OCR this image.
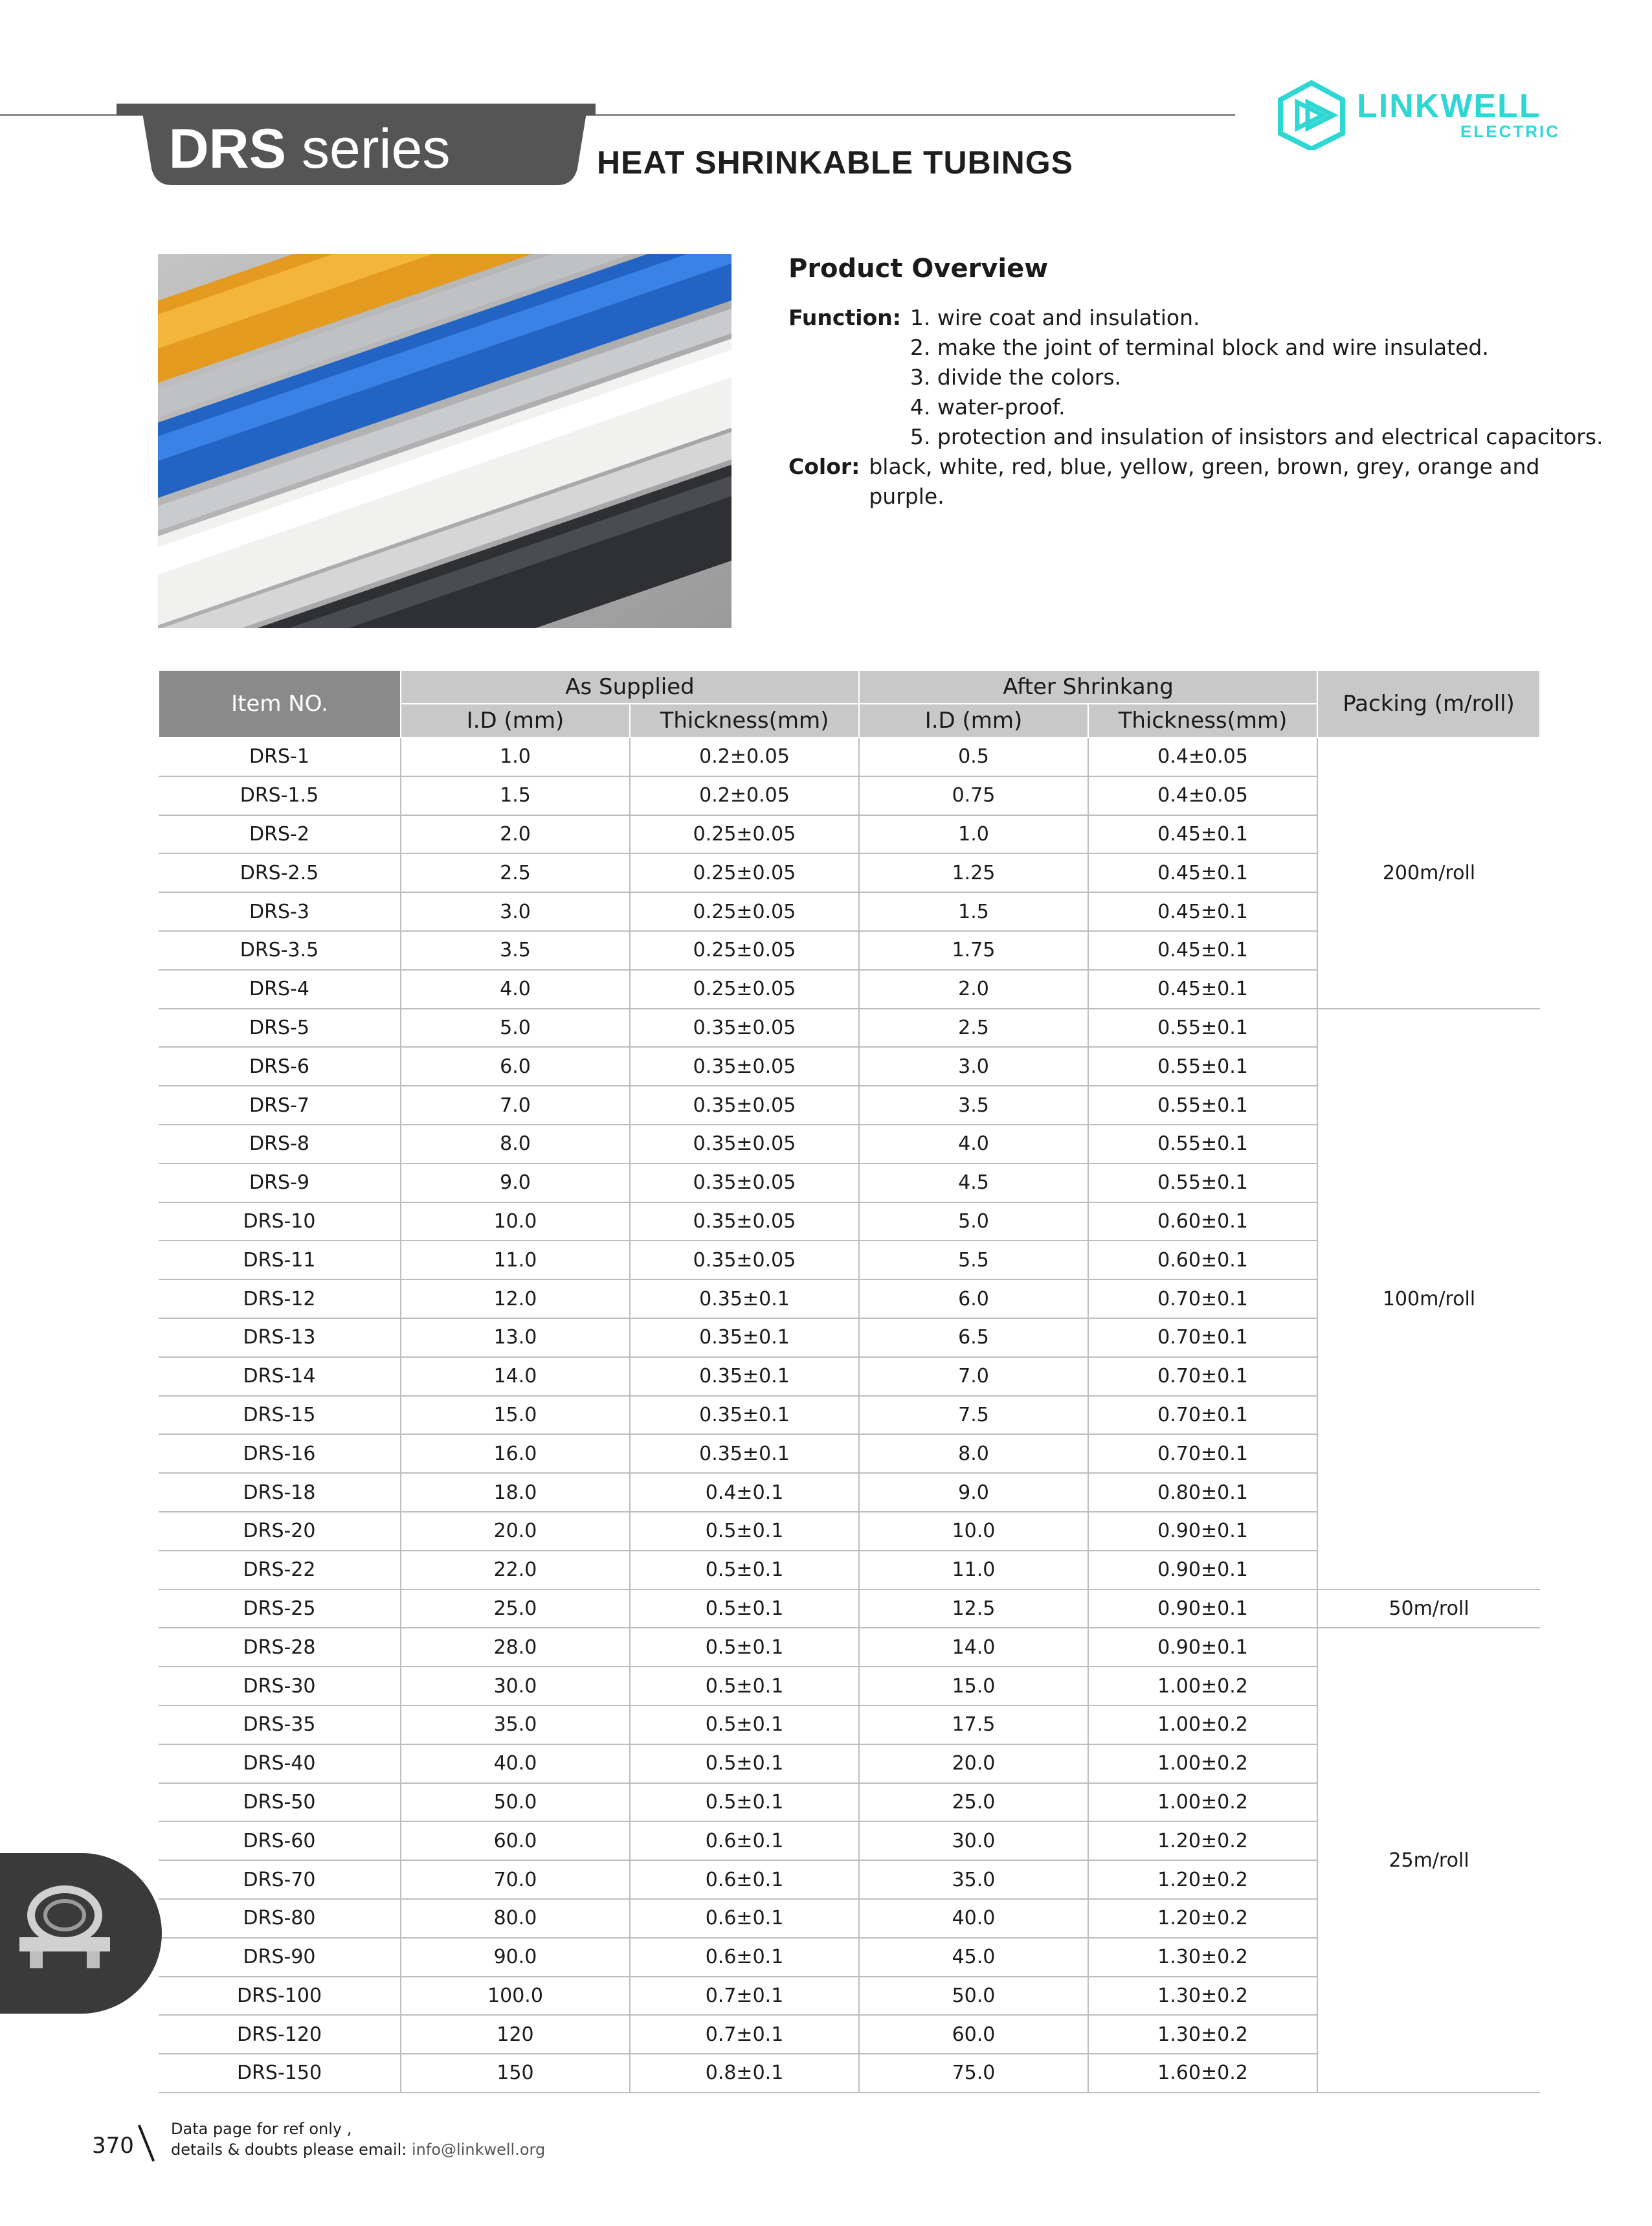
DRS series	HEAT SHRINKABLE TUBINGS
LINKWELL
ELECTRIC
Product Overview
Function: 1. wire coat and insulation.
2. make the joint of terminal block and wire insulated.
3. divide the colors.
4. water-proof.
5. protection and insulation of insistors and electrical capacitors.
Color: black, white, red, blue, yellow, green, brown, grey, orange and purple.
Item NO.	As Supplied		After Shrinkang		Packing (m/roll)
	I.D (mm)	Thickness(mm)	I.D (mm)	Thickness(mm)	
DRS-1	1.0	0.2±0.05	0.5	0.4±0.05	200m/roll
DRS-1.5	1.5	0.2±0.05	0.75	0.4±0.05	
DRS-2	2.0	0.25±0.05	1.0	0.45±0.1	
DRS-2.5	2.5	0.25±0.05	1.25	0.45±0.1	
DRS-3	3.0	0.25±0.05	1.5	0.45±0.1	
DRS-3.5	3.5	0.25±0.05	1.75	0.45±0.1	
DRS-4	4.0	0.25±0.05	2.0	0.45±0.1	
DRS-5	5.0	0.35±0.05	2.5	0.55±0.1	100m/roll
DRS-6	6.0	0.35±0.05	3.0	0.55±0.1	
DRS-7	7.0	0.35±0.05	3.5	0.55±0.1	
DRS-8	8.0	0.35±0.05	4.0	0.55±0.1	
DRS-9	9.0	0.35±0.05	4.5	0.55±0.1	
DRS-10	10.0	0.35±0.05	5.0	0.60±0.1	
DRS-11	11.0	0.35±0.05	5.5	0.60±0.1	
DRS-12	12.0	0.35±0.1	6.0	0.70±0.1	
DRS-13	13.0	0.35±0.1	6.5	0.70±0.1	
DRS-14	14.0	0.35±0.1	7.0	0.70±0.1	
DRS-15	15.0	0.35±0.1	7.5	0.70±0.1	
DRS-16	16.0	0.35±0.1	8.0	0.70±0.1	
DRS-18	18.0	0.4±0.1	9.0	0.80±0.1	
DRS-20	20.0	0.5±0.1	10.0	0.90±0.1	
DRS-22	22.0	0.5±0.1	11.0	0.90±0.1	
DRS-25	25.0	0.5±0.1	12.5	0.90±0.1	50m/roll
DRS-28	28.0	0.5±0.1	14.0	0.90±0.1	25m/roll
DRS-30	30.0	0.5±0.1	15.0	1.00±0.2	
DRS-35	35.0	0.5±0.1	17.5	1.00±0.2	
DRS-40	40.0	0.5±0.1	20.0	1.00±0.2	
DRS-50	50.0	0.5±0.1	25.0	1.00±0.2	
DRS-60	60.0	0.6±0.1	30.0	1.20±0.2	
DRS-70	70.0	0.6±0.1	35.0	1.20±0.2	
DRS-80	80.0	0.6±0.1	40.0	1.20±0.2	
DRS-90	90.0	0.6±0.1	45.0	1.30±0.2	
DRS-100	100.0	0.7±0.1	50.0	1.30±0.2	
DRS-120	120	0.7±0.1	60.0	1.30±0.2	
DRS-150	150	0.8±0.1	75.0	1.60±0.2	
370
Data page for ref only ,
details & doubts please email: info@linkwell.org
